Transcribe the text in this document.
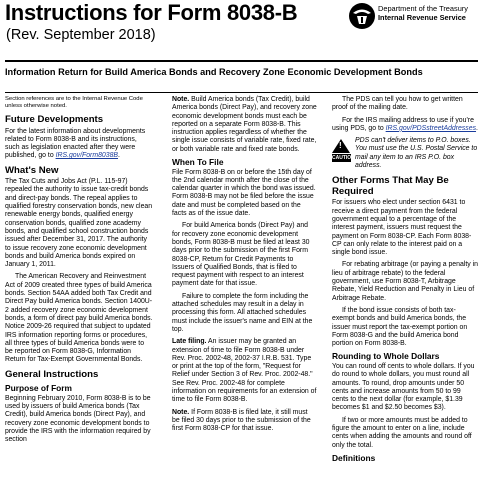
Instructions for Form 8038-B
(Rev. September 2018)
Department of the Treasury
Internal Revenue Service
Information Return for Build America Bonds and Recovery Zone Economic Development Bonds

Section references are to the Internal Revenue Code unless otherwise noted.

Future Developments

For the latest information about developments related to Form 8038-B and its instructions, such as legislation enacted after they were published, go to IRS.gov/Form8038B.

What's New

The Tax Cuts and Jobs Act (P.L. 115-97) repealed the authority to issue tax-credit bonds and direct-pay bonds. The repeal applies to qualified forestry conservation bonds, new clean renewable energy bonds, qualified energy conservation bonds, qualified zone academy bonds, and qualified school construction bonds issued after December 31, 2017. The authority to issue recovery zone economic development bonds and build America bonds expired on January 1, 2011.

The American Recovery and Reinvestment Act of 2009 created three types of build America bonds. Section 54AA added both Tax Credit and Direct Pay build America bonds. Section 1400U-2 added recovery zone economic development bonds, a form of direct pay build America bonds. Notice 2009-26 required that subject to updated IRS information reporting forms or procedures, all three types of build America bonds were to be reported on Form 8038-G, Information Return for Tax-Exempt Governmental Bonds.

General Instructions
Purpose of Form

Beginning February 2010, Form 8038-B is to be used by issuers of build America bonds (Tax Credit), build America bonds (Direct Pay), and recovery zone economic development bonds to provide the IRS with the information required by section

Note. Build America bonds (Tax Credit), build America bonds (Direct Pay), and recovery zone economic development bonds must each be reported on a separate Form 8038-B. This instruction applies regardless of whether the single issue consists of variable rate, fixed rate, or both variable rate and fixed rate bonds.

When To File

File Form 8038-B on or before the 15th day of the 2nd calendar month after the close of the calendar quarter in which the bond was issued. Form 8038-B may not be filed before the issue date and must be completed based on the facts as of the issue date.

For build America bonds (Direct Pay) and for recovery zone economic development bonds, Form 8038-B must be filed at least 30 days prior to the submission of the first Form 8038-CP, Return for Credit Payments to Issuers of Qualified Bonds, that is filed to request payment with respect to an interest payment date for that issue.

Failure to complete the form including the attached schedules may result in a delay in processing this form. All attached schedules must include the issuer's name and EIN at the top.

Late filing. An issuer may be granted an extension of time to file Form 8038-B under Rev. Proc. 2002-48, 2002-37 I.R.B. 531. Type or print at the top of the form, "Request for Relief under Section 3 of Rev. Proc. 2002-48." See Rev. Proc. 2002-48 for complete information on requirements for an extension of time to file Form 8038-B.

Note. If Form 8038-B is filed late, it still must be filed 30 days prior to the submission of the first Form 8038-CP for that issue.

The PDS can tell you how to get written proof of the mailing date.

For the IRS mailing address to use if you're using PDS, go to IRS.gov/PDSstreetAddresses.

!
CAUTION
PDS can't deliver items to P.O. boxes. You must use the U.S. Postal Service to mail any item to an IRS P.O. box address.
Other Forms That May Be Required

For issuers who elect under section 6431 to receive a direct payment from the federal government equal to a percentage of the interest payment, issuers must request the payment on Form 8038-CP. Each Form 8038-CP can only relate to the interest paid on a single bond issue.

For rebating arbitrage (or paying a penalty in lieu of arbitrage rebate) to the federal government, use Form 8038-T, Arbitrage Rebate, Yield Reduction and Penalty in Lieu of Arbitrage Rebate.

If the bond issue consists of both tax-exempt bonds and build America bonds, the issuer must report the tax-exempt portion on Form 8038-G and the build America bond portion on Form 8038-B.

Rounding to Whole Dollars

You can round off cents to whole dollars. If you do round to whole dollars, you must round all amounts. To round, drop amounts under 50 cents and increase amounts from 50 to 99 cents to the next dollar (for example, $1.39 becomes $1 and $2.50 becomes $3).

If two or more amounts must be added to figure the amount to enter on a line, include cents when adding the amounts and round off only the total.

Definitions
